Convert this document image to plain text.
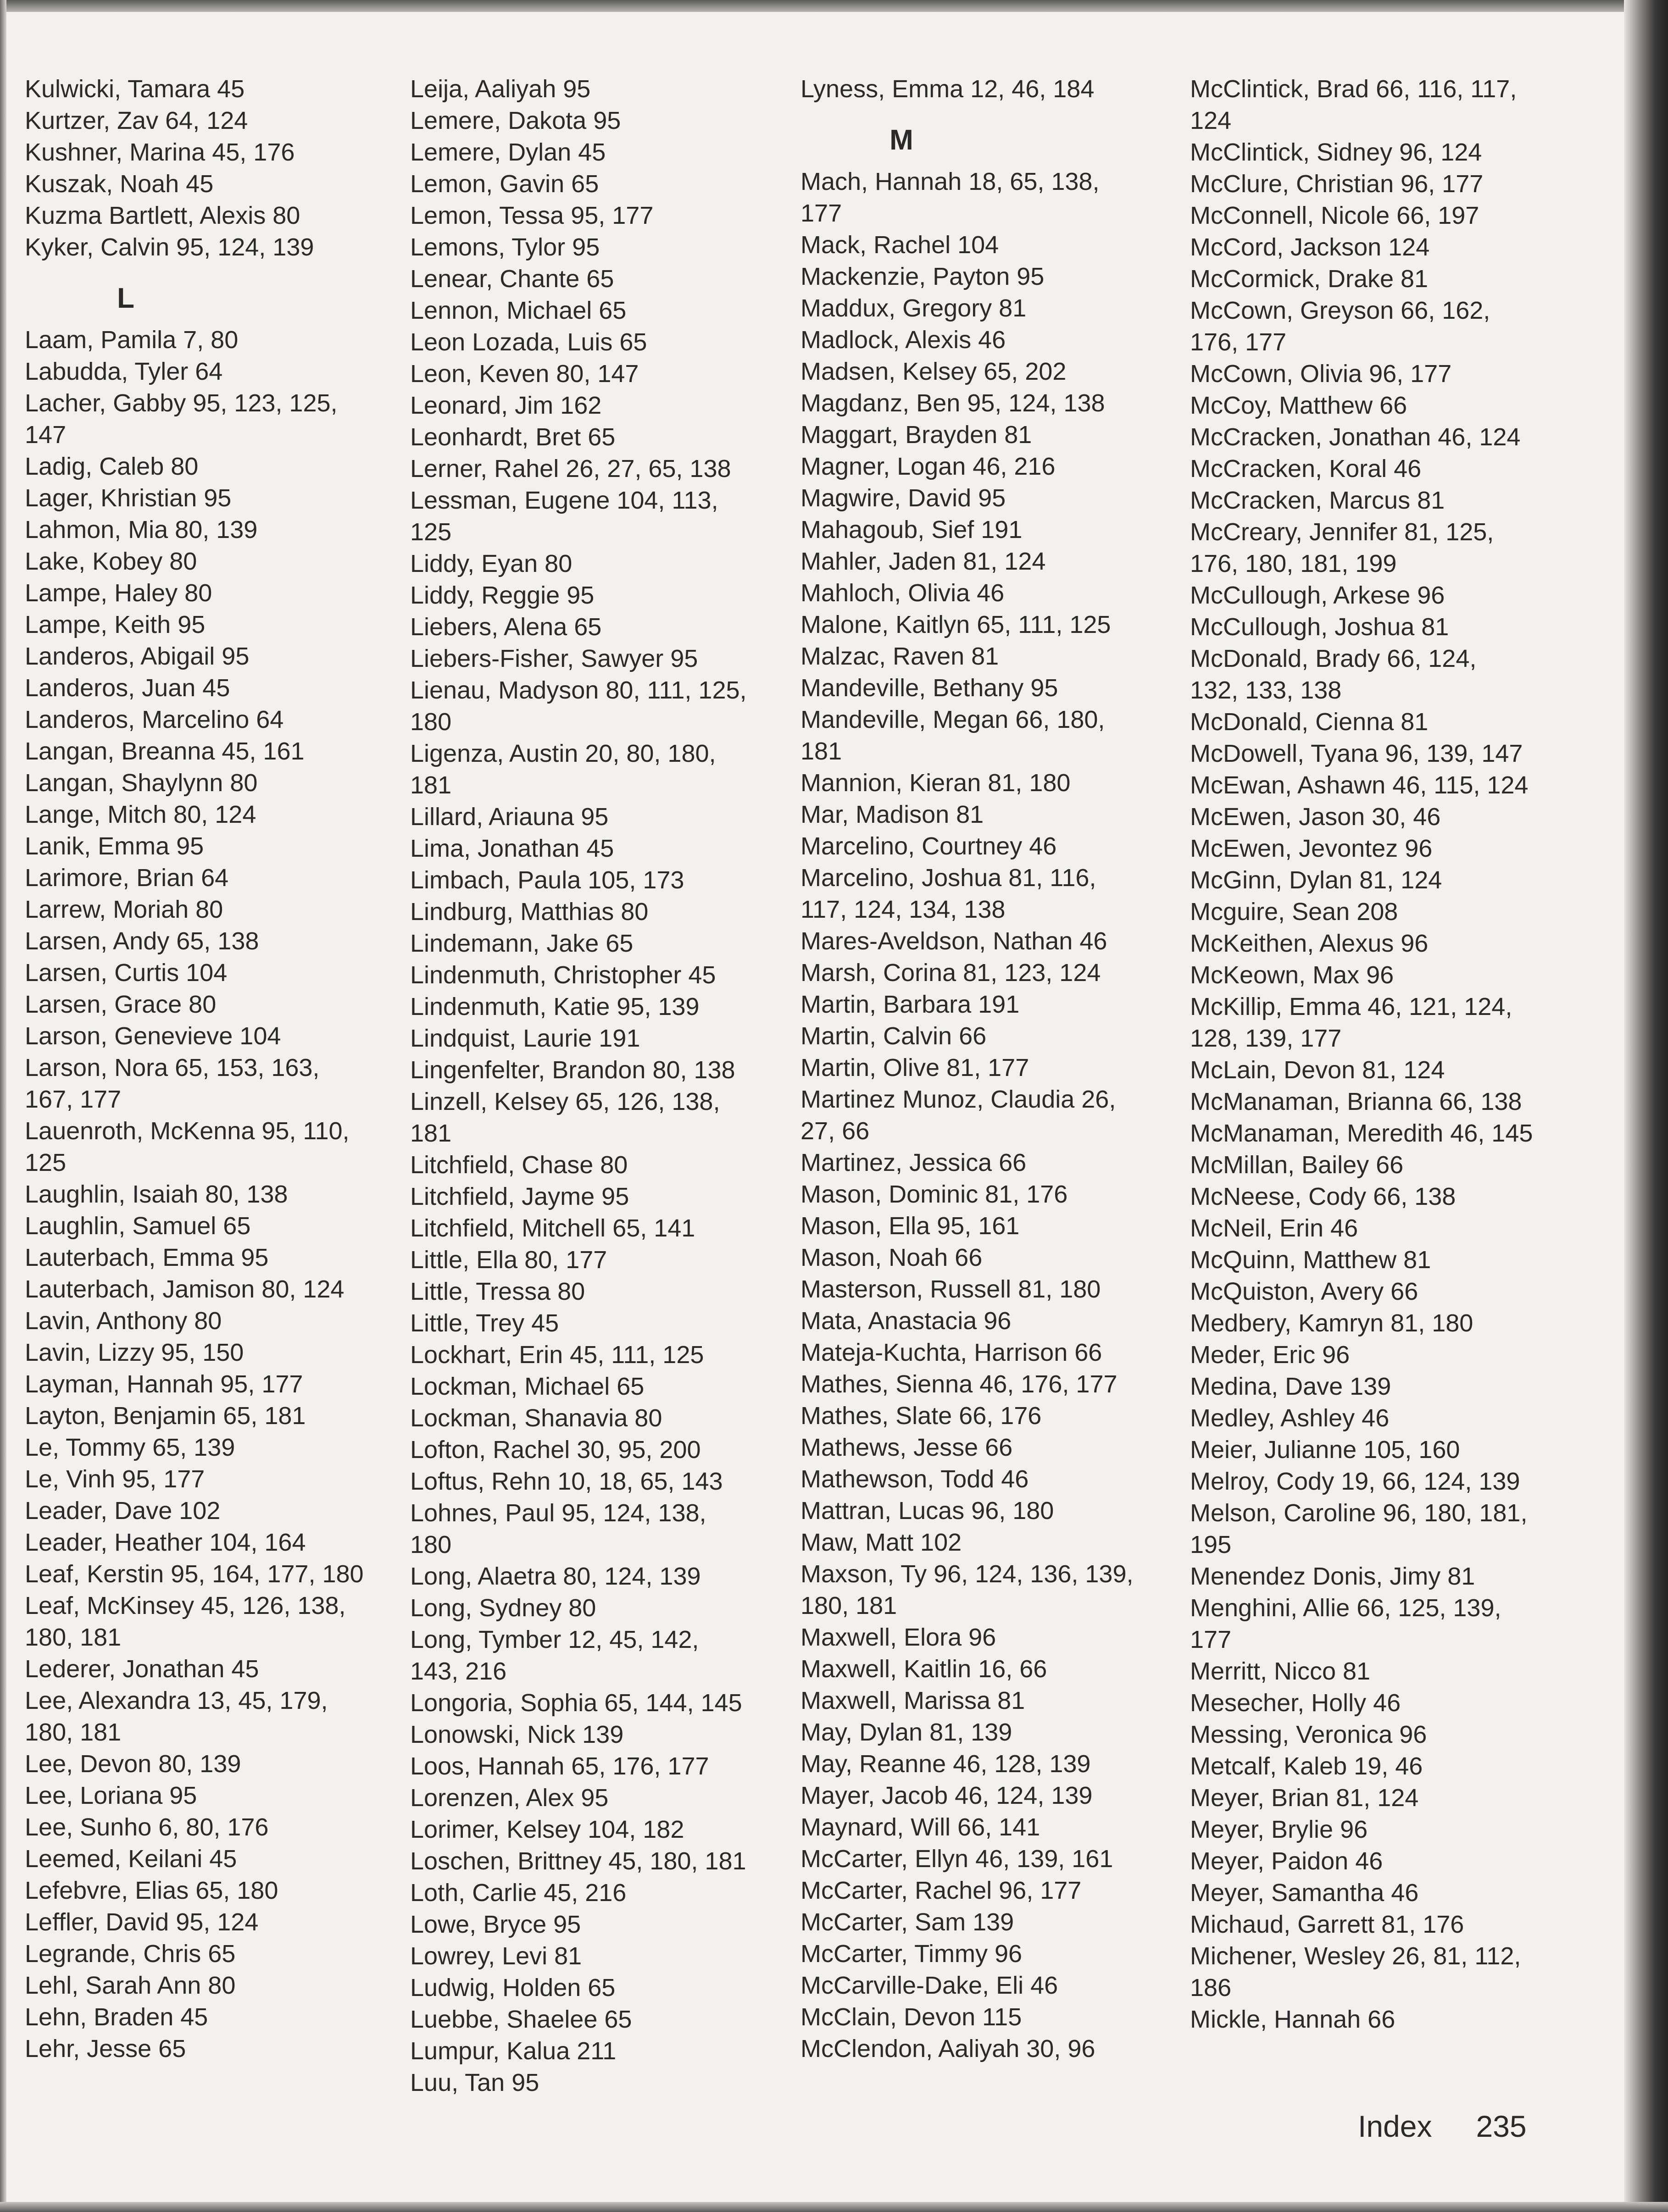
Kulwicki, Tamara 45
Kurtzer, Zav 64, 124
Kushner, Marina 45, 176
Kuszak, Noah 45
Kuzma Bartlett, Alexis 80
Kyker, Calvin 95, 124, 139
L
Laam, Pamila 7, 80
Labudda, Tyler 64
Lacher, Gabby 95, 123, 125, 147
Ladig, Caleb 80
Lager, Khristian 95
Lahmon, Mia 80, 139
Lake, Kobey 80
Lampe, Haley 80
Lampe, Keith 95
Landeros, Abigail 95
Landeros, Juan 45
Landeros, Marcelino 64
Langan, Breanna 45, 161
Langan, Shaylynn 80
Lange, Mitch 80, 124
Lanik, Emma 95
Larimore, Brian 64
Larrew, Moriah 80
Larsen, Andy 65, 138
Larsen, Curtis 104
Larsen, Grace 80
Larson, Genevieve 104
Larson, Nora 65, 153, 163, 167, 177
Lauenroth, McKenna 95, 110, 125
Laughlin, Isaiah 80, 138
Laughlin, Samuel 65
Lauterbach, Emma 95
Lauterbach, Jamison 80, 124
Lavin, Anthony 80
Lavin, Lizzy 95, 150
Layman, Hannah 95, 177
Layton, Benjamin 65, 181
Le, Tommy 65, 139
Le, Vinh 95, 177
Leader, Dave 102
Leader, Heather 104, 164
Leaf, Kerstin 95, 164, 177, 180
Leaf, McKinsey 45, 126, 138, 180, 181
Lederer, Jonathan 45
Lee, Alexandra 13, 45, 179, 180, 181
Lee, Devon 80, 139
Lee, Loriana 95
Lee, Sunho 6, 80, 176
Leemed, Keilani 45
Lefebvre, Elias 65, 180
Leffler, David 95, 124
Legrande, Chris 65
Lehl, Sarah Ann 80
Lehn, Braden 45
Lehr, Jesse 65
Leija, Aaliyah 95
Lemere, Dakota 95
Lemere, Dylan 45
Lemon, Gavin 65
Lemon, Tessa 95, 177
Lemons, Tylor 95
Lenear, Chante 65
Lennon, Michael 65
Leon Lozada, Luis 65
Leon, Keven 80, 147
Leonard, Jim 162
Leonhardt, Bret 65
Lerner, Rahel 26, 27, 65, 138
Lessman, Eugene 104, 113, 125
Liddy, Eyan 80
Liddy, Reggie 95
Liebers, Alena 65
Liebers-Fisher, Sawyer 95
Lienau, Madyson 80, 111, 125, 180
Ligenza, Austin 20, 80, 180, 181
Lillard, Ariauna 95
Lima, Jonathan 45
Limbach, Paula 105, 173
Lindburg, Matthias 80
Lindemann, Jake 65
Lindenmuth, Christopher 45
Lindenmuth, Katie 95, 139
Lindquist, Laurie 191
Lingenfelter, Brandon 80, 138
Linzell, Kelsey 65, 126, 138, 181
Litchfield, Chase 80
Litchfield, Jayme 95
Litchfield, Mitchell 65, 141
Little, Ella 80, 177
Little, Tressa 80
Little, Trey 45
Lockhart, Erin 45, 111, 125
Lockman, Michael 65
Lockman, Shanavia 80
Lofton, Rachel 30, 95, 200
Loftus, Rehn 10, 18, 65, 143
Lohnes, Paul 95, 124, 138, 180
Long, Alaetra 80, 124, 139
Long, Sydney 80
Long, Tymber 12, 45, 142, 143, 216
Longoria, Sophia 65, 144, 145
Lonowski, Nick 139
Loos, Hannah 65, 176, 177
Lorenzen, Alex 95
Lorimer, Kelsey 104, 182
Loschen, Brittney 45, 180, 181
Loth, Carlie 45, 216
Lowe, Bryce 95
Lowrey, Levi 81
Ludwig, Holden 65
Luebbe, Shaelee 65
Lumpur, Kalua 211
Luu, Tan 95
Lyness, Emma 12, 46, 184
M
Mach, Hannah 18, 65, 138, 177
Mack, Rachel 104
Mackenzie, Payton 95
Maddux, Gregory 81
Madlock, Alexis 46
Madsen, Kelsey 65, 202
Magdanz, Ben 95, 124, 138
Maggart, Brayden 81
Magner, Logan 46, 216
Magwire, David 95
Mahagoub, Sief 191
Mahler, Jaden 81, 124
Mahloch, Olivia 46
Malone, Kaitlyn 65, 111, 125
Malzac, Raven 81
Mandeville, Bethany 95
Mandeville, Megan 66, 180, 181
Mannion, Kieran 81, 180
Mar, Madison 81
Marcelino, Courtney 46
Marcelino, Joshua 81, 116, 117, 124, 134, 138
Mares-Aveldson, Nathan 46
Marsh, Corina 81, 123, 124
Martin, Barbara 191
Martin, Calvin 66
Martin, Olive 81, 177
Martinez Munoz, Claudia 26, 27, 66
Martinez, Jessica 66
Mason, Dominic 81, 176
Mason, Ella 95, 161
Mason, Noah 66
Masterson, Russell 81, 180
Mata, Anastacia 96
Mateja-Kuchta, Harrison 66
Mathes, Sienna 46, 176, 177
Mathes, Slate 66, 176
Mathews, Jesse 66
Mathewson, Todd 46
Mattran, Lucas 96, 180
Maw, Matt 102
Maxson, Ty 96, 124, 136, 139, 180, 181
Maxwell, Elora 96
Maxwell, Kaitlin 16, 66
Maxwell, Marissa 81
May, Dylan 81, 139
May, Reanne 46, 128, 139
Mayer, Jacob 46, 124, 139
Maynard, Will 66, 141
McCarter, Ellyn 46, 139, 161
McCarter, Rachel 96, 177
McCarter, Sam 139
McCarter, Timmy 96
McCarville-Dake, Eli 46
McClain, Devon 115
McClendon, Aaliyah 30, 96
McClintick, Brad 66, 116, 117, 124
McClintick, Sidney 96, 124
McClure, Christian 96, 177
McConnell, Nicole 66, 197
McCord, Jackson 124
McCormick, Drake 81
McCown, Greyson 66, 162, 176, 177
McCown, Olivia 96, 177
McCoy, Matthew 66
McCracken, Jonathan 46, 124
McCracken, Koral 46
McCracken, Marcus 81
McCreary, Jennifer 81, 125, 176, 180, 181, 199
McCullough, Arkese 96
McCullough, Joshua 81
McDonald, Brady 66, 124, 132, 133, 138
McDonald, Cienna 81
McDowell, Tyana 96, 139, 147
McEwan, Ashawn 46, 115, 124
McEwen, Jason 30, 46
McEwen, Jevontez 96
McGinn, Dylan 81, 124
Mcguire, Sean 208
McKeithen, Alexus 96
McKeown, Max 96
McKillip, Emma 46, 121, 124, 128, 139, 177
McLain, Devon 81, 124
McManaman, Brianna 66, 138
McManaman, Meredith 46, 145
McMillan, Bailey 66
McNeese, Cody 66, 138
McNeil, Erin 46
McQuinn, Matthew 81
McQuiston, Avery 66
Medbery, Kamryn 81, 180
Meder, Eric 96
Medina, Dave 139
Medley, Ashley 46
Meier, Julianne 105, 160
Melroy, Cody 19, 66, 124, 139
Melson, Caroline 96, 180, 181, 195
Menendez Donis, Jimy 81
Menghini, Allie 66, 125, 139, 177
Merritt, Nicco 81
Mesecher, Holly 46
Messing, Veronica 96
Metcalf, Kaleb 19, 46
Meyer, Brian 81, 124
Meyer, Brylie 96
Meyer, Paidon 46
Meyer, Samantha 46
Michaud, Garrett 81, 176
Michener, Wesley 26, 81, 112, 186
Mickle, Hannah 66
Index 235
